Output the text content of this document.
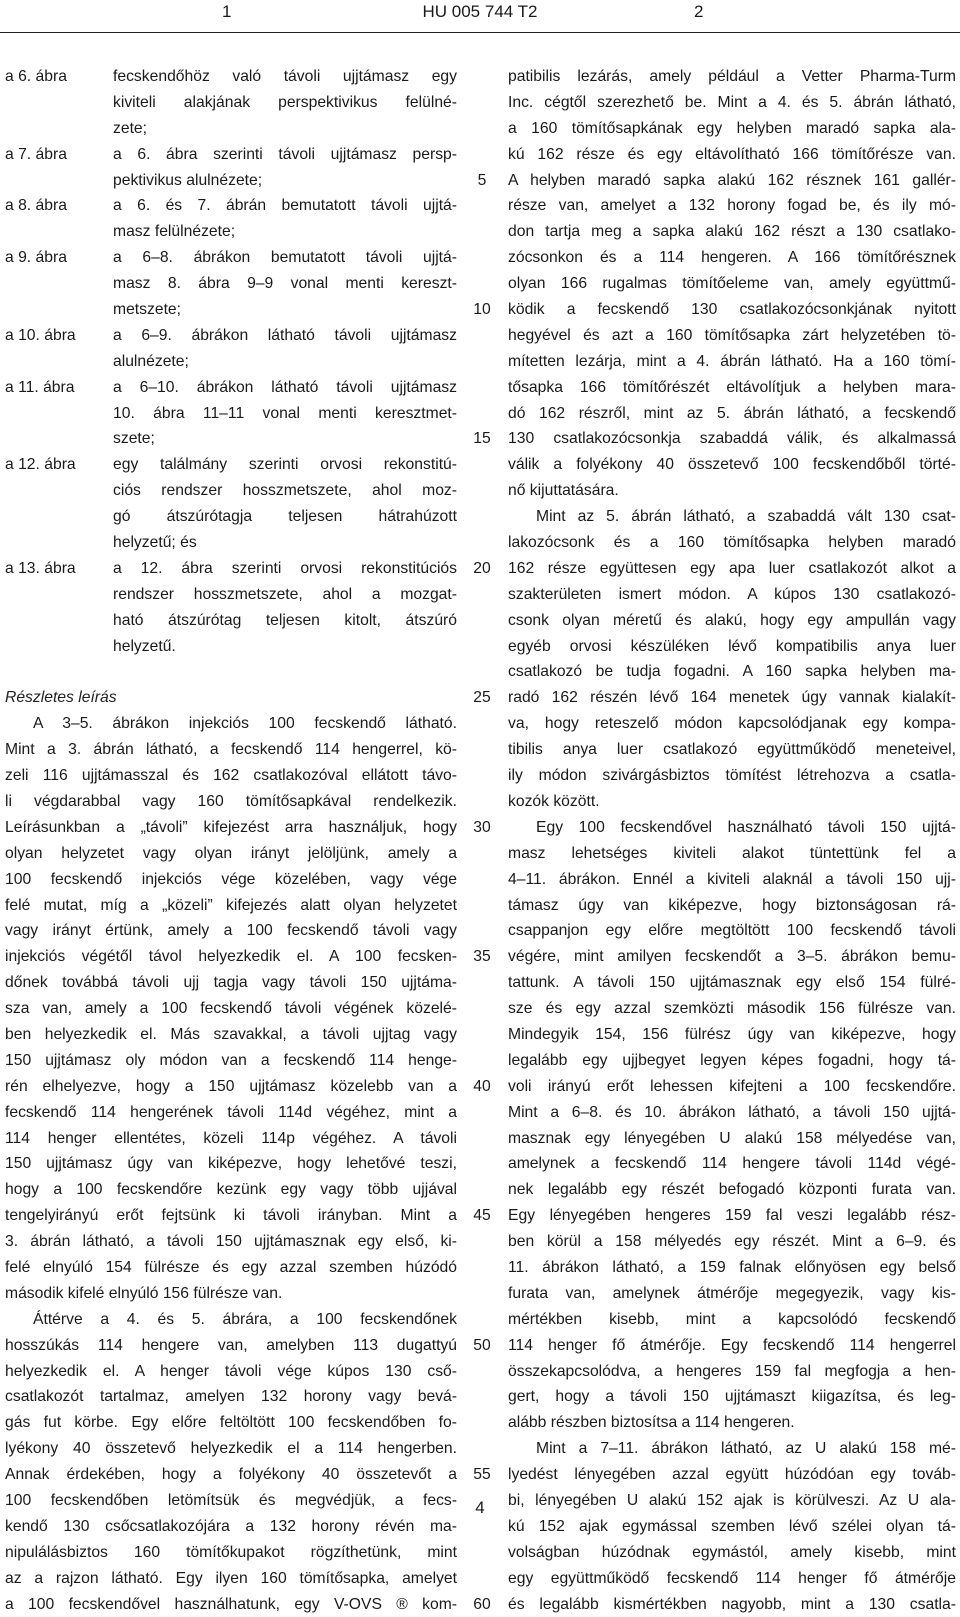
1	HU 005 744 T2	2
a 6. ábra	fecskendőhöz való távoli ujjtámasz egy
kiviteli alakjának perspektivikus felülné-
zete;
a 7. ábra	a 6. ábra szerinti távoli ujjtámasz persp-
pektivikus alulnézete;
a 8. ábra	a 6. és 7. ábrán bemutatott távoli ujjtá-
masz felülnézete;
a 9. ábra	a 6–8. ábrákon bemutatott távoli ujjtá-
masz 8. ábra 9–9 vonal menti kereszt-
metszete;
a 10. ábra	a 6–9. ábrákon látható távoli ujjtámasz
alulnézete;
a 11. ábra	a 6–10. ábrákon látható távoli ujjtámasz
10. ábra 11–11 vonal menti keresztmet-
szete;
a 12. ábra	egy találmány szerinti orvosi rekonstitú-
ciós rendszer hosszmetszete, ahol moz-
gó átszúrótagja teljesen hátrahúzott
helyzetű; és
a 13. ábra	a 12. ábra szerinti orvosi rekonstitúciós
rendszer hosszmetszete, ahol a mozgat-
ható átszúrótag teljesen kitolt, átszúró
helyzetű.
Részletes leírás
A 3–5. ábrákon injekciós 100 fecskendő látható.
Mint a 3. ábrán látható, a fecskendő 114 hengerrel, kö-
zeli 116 ujjtámasszal és 162 csatlakozóval ellátott távo-
li végdarabbal vagy 160 tömítősapkával rendelkezik.
Leírásunkban a „távoli” kifejezést arra használjuk, hogy
olyan helyzetet vagy olyan irányt jelöljünk, amely a
100 fecskendő injekciós vége közelében, vagy vége
felé mutat, míg a „közeli” kifejezés alatt olyan helyzetet
vagy irányt értünk, amely a 100 fecskendő távoli vagy
injekciós végétől távol helyezkedik el. A 100 fecsken-
dőnek továbbá távoli ujj tagja vagy távoli 150 ujjtáma-
sza van, amely a 100 fecskendő távoli végének közelé-
ben helyezkedik el. Más szavakkal, a távoli ujjtag vagy
150 ujjtámasz oly módon van a fecskendő 114 henge-
rén elhelyezve, hogy a 150 ujjtámasz közelebb van a
fecskendő 114 hengerének távoli 114d végéhez, mint a
114 henger ellentétes, közeli 114p végéhez. A távoli
150 ujjtámasz úgy van kiképezve, hogy lehetővé teszi,
hogy a 100 fecskendőre kezünk egy vagy több ujjával
tengelyirányú erőt fejtsünk ki távoli irányban. Mint a
3. ábrán látható, a távoli 150 ujjtámasznak egy első, ki-
felé elnyúló 154 fülrésze és egy azzal szemben húzódó
második kifelé elnyúló 156 fülrésze van.
Áttérve a 4. és 5. ábrára, a 100 fecskendőnek
hosszúkás 114 hengere van, amelyben 113 dugattyú
helyezkedik el. A henger távoli vége kúpos 130 cső-
csatlakozót tartalmaz, amelyen 132 horony vagy bevá-
gás fut körbe. Egy előre feltöltött 100 fecskendőben fo-
lyékony 40 összetevő helyezkedik el a 114 hengerben.
Annak érdekében, hogy a folyékony 40 összetevőt a
100 fecskendőben letömítsük és megvédjük, a fecs-
kendő 130 csőcsatlakozójára a 132 horony révén ma-
nipulálásbiztos 160 tömítőkupakot rögzíthetünk, mint
az a rajzon látható. Egy ilyen 160 tömítősapka, amelyet
a 100 fecskendővel használhatunk, egy V-OVS ® kom-
5
10
15
20
25
30
35
40
45
50
55
60
patibilis lezárás, amely például a Vetter Pharma-Turm
Inc. cégtől szerezhető be. Mint a 4. és 5. ábrán látható,
a 160 tömítősapkának egy helyben maradó sapka ala-
kú 162 része és egy eltávolítható 166 tömítőrésze van.
A helyben maradó sapka alakú 162 résznek 161 gallér-
része van, amelyet a 132 horony fogad be, és ily mó-
don tartja meg a sapka alakú 162 részt a 130 csatlako-
zócsonkon és a 114 hengeren. A 166 tömítőrésznek
olyan 166 rugalmas tömítőeleme van, amely együttmű-
ködik a fecskendő 130 csatlakozócsonkjának nyitott
hegyével és azt a 160 tömítősapka zárt helyzetében tö-
mítetten lezárja, mint a 4. ábrán látható. Ha a 160 tömí-
tősapka 166 tömítőrészét eltávolítjuk a helyben mara-
dó 162 részről, mint az 5. ábrán látható, a fecskendő
130 csatlakozócsonkja szabaddá válik, és alkalmassá
válik a folyékony 40 összetevő 100 fecskendőből törté-
nő kijuttatására.
Mint az 5. ábrán látható, a szabaddá vált 130 csat-
lakozócsonk és a 160 tömítősapka helyben maradó
162 része együttesen egy apa luer csatlakozót alkot a
szakterületen ismert módon. A kúpos 130 csatlakozó-
csonk olyan méretű és alakú, hogy egy ampullán vagy
egyéb orvosi készüléken lévő kompatibilis anya luer
csatlakozó be tudja fogadni. A 160 sapka helyben ma-
radó 162 részén lévő 164 menetek úgy vannak kialakít-
va, hogy reteszelő módon kapcsolódjanak egy kompa-
tibilis anya luer csatlakozó együttműködő meneteivel,
ily módon szivárgásbiztos tömítést létrehozva a csatla-
kozók között.
Egy 100 fecskendővel használható távoli 150 ujjtá-
masz lehetséges kiviteli alakot tüntettünk fel a
4–11. ábrákon. Ennél a kiviteli alaknál a távoli 150 ujj-
támasz úgy van kiképezve, hogy biztonságosan rá-
csappanjon egy előre megtöltött 100 fecskendő távoli
végére, mint amilyen fecskendőt a 3–5. ábrákon bemu-
tattunk. A távoli 150 ujjtámasznak egy első 154 fülré-
sze és egy azzal szemközti második 156 fülrésze van.
Mindegyik 154, 156 fülrész úgy van kiképezve, hogy
legalább egy ujjbegyet legyen képes fogadni, hogy tá-
voli irányú erőt lehessen kifejteni a 100 fecskendőre.
Mint a 6–8. és 10. ábrákon látható, a távoli 150 ujjtá-
masznak egy lényegében U alakú 158 mélyedése van,
amelynek a fecskendő 114 hengere távoli 114d végé-
nek legalább egy részét befogadó központi furata van.
Egy lényegében hengeres 159 fal veszi legalább rész-
ben körül a 158 mélyedés egy részét. Mint a 6–9. és
11. ábrákon látható, a 159 falnak előnyösen egy belső
furata van, amelynek átmérője megegyezik, vagy kis-
mértékben kisebb, mint a kapcsolódó fecskendő
114 henger fő átmérője. Egy fecskendő 114 hengerrel
összekapcsolódva, a hengeres 159 fal megfogja a hen-
gert, hogy a távoli 150 ujjtámaszt kiigazítsa, és leg-
alább részben biztosítsa a 114 hengeren.
Mint a 7–11. ábrákon látható, az U alakú 158 mé-
lyedést lényegében azzal együtt húzódóan egy továb-
bi, lényegében U alakú 152 ajak is körülveszi. Az U ala-
kú 152 ajak egymással szemben lévő szélei olyan tá-
volságban húzódnak egymástól, amely kisebb, mint
egy együttműködő fecskendő 114 henger fő átmérője
és legalább kismértékben nagyobb, mint a 130 csatla-
4
